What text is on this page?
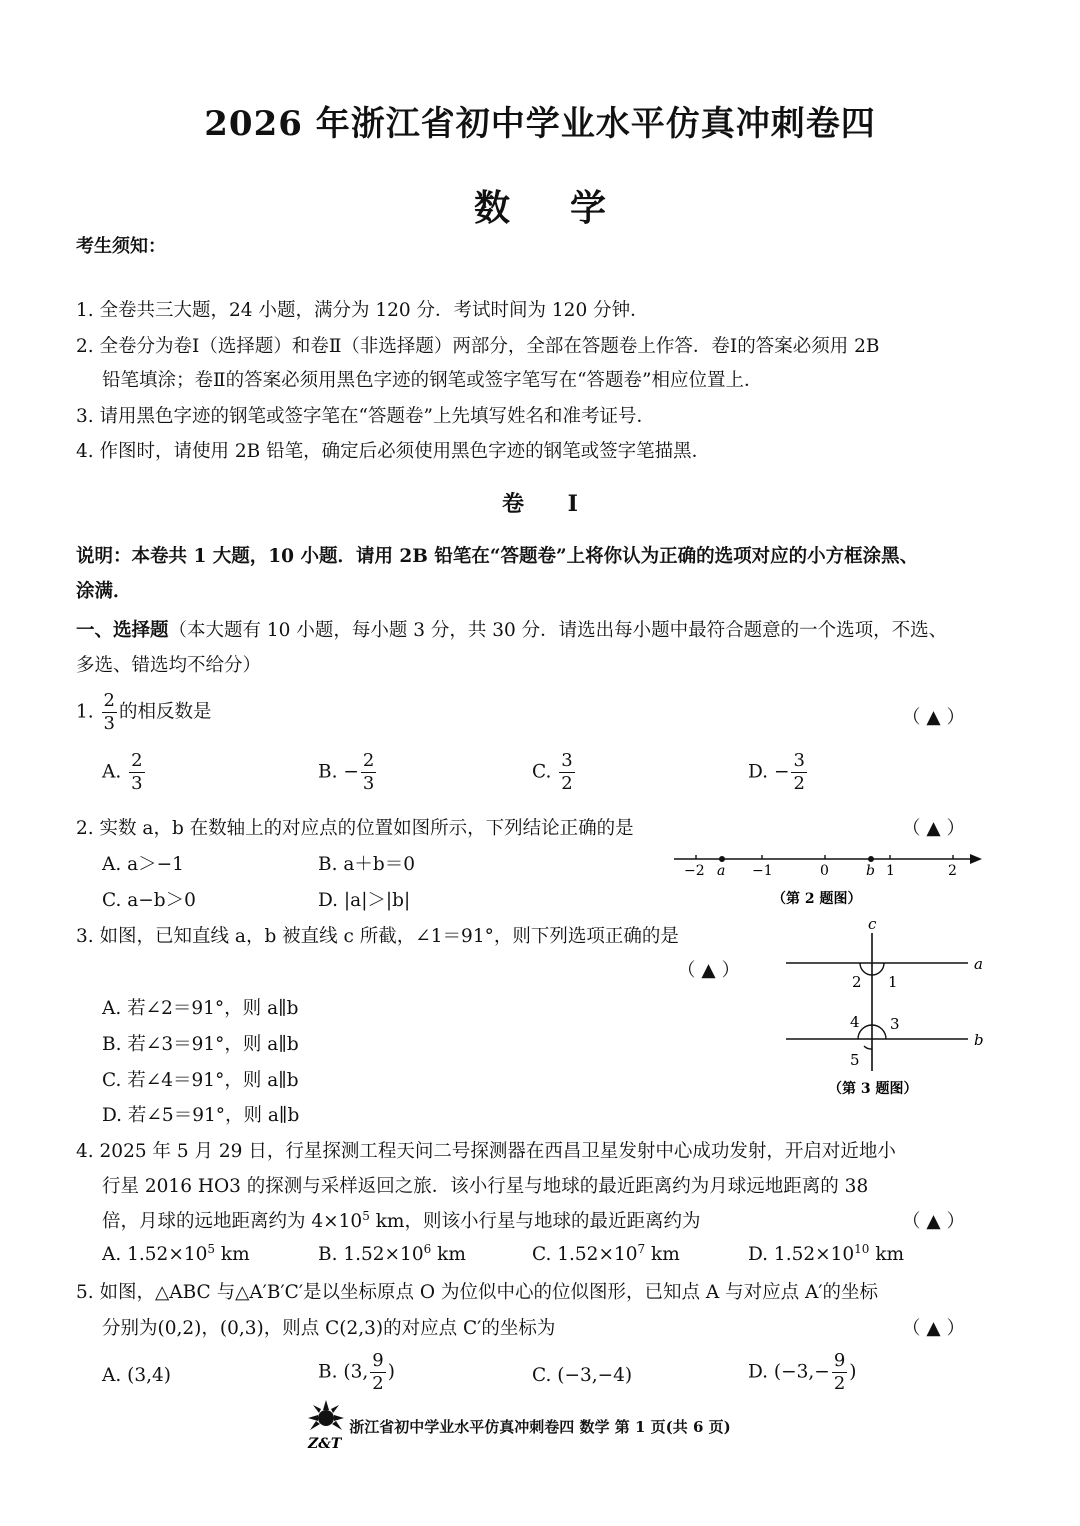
2026 年浙江省初中学业水平仿真冲刺卷四
数学
考生须知：
1. 全卷共三大题，24 小题，满分为 120 分．考试时间为 120 分钟．
2. 全卷分为卷Ⅰ（选择题）和卷Ⅱ（非选择题）两部分，全部在答题卷上作答．卷Ⅰ的答案必须用 2B
铅笔填涂；卷Ⅱ的答案必须用黑色字迹的钢笔或签字笔写在“答题卷”相应位置上．
3. 请用黑色字迹的钢笔或签字笔在“答题卷”上先填写姓名和准考证号．
4. 作图时，请使用 2B 铅笔，确定后必须使用黑色字迹的钢笔或签字笔描黑．
卷 Ⅰ
说明：本卷共 1 大题，10 小题．请用 2B 铅笔在“答题卷”上将你认为正确的选项对应的小方框涂黑、
涂满．
一、选择题（本大题有 10 小题，每小题 3 分，共 30 分．请选出每小题中最符合题意的一个选项，不选、
多选、错选均不给分）
1. $\frac{2}{3}$ 的相反数是	（ ▲ ）
A. $\frac{2}{3}$	B. − $\frac{2}{3}$	C. $\frac{3}{2}$	D. − $\frac{3}{2}$
2. 实数 a，b 在数轴上的对应点的位置如图所示，下列结论正确的是	（ ▲ ）
A. a＞−1	B. a＋b＝0
C. a−b＞0	D. |a|＞|b|
−2 a −1	0	b 1	2
（第 2 题图）
3. 如图，已知直线 a，b 被直线 c 所截，∠1＝91°，则下列选项正确的是
（ ▲ ）
A. 若∠2＝91°，则 a∥b
B. 若∠3＝91°，则 a∥b
C. 若∠4＝91°，则 a∥b
D. 若∠5＝91°，则 a∥b
c
a
b
2 1
4 3
5
（第 3 题图）
4. 2025 年 5 月 29 日，行星探测工程天问二号探测器在西昌卫星发射中心成功发射，开启对近地小
行星 2016 HO3 的探测与采样返回之旅．该小行星与地球的最近距离约为月球远地距离的 38
倍，月球的远地距离约为 $4\times 10^5$ km，则该小行星与地球的最近距离约为	（ ▲ ）
A. $1.52\times 10^5$ km	B. $1.52\times 10^6$ km	C. $1.52\times 10^7$ km	D. $1.52\times 10^{10}$ km
5. 如图，△ABC 与△A′B′C′是以坐标原点 O 为位似中心的位似图形，已知点 A 与对应点 A′的坐标
分别为(0,2)，(0,3)，则点 C(2,3)的对应点 C′的坐标为	（ ▲ ）
A. (3,4)	B. (3, $\frac{9}{2}$ )	C. (−3,−4)	D. ($-3,- \frac{9}{2}$ )
Z&T
浙江省初中学业水平仿真冲刺卷四 数学 第 1 页(共 6 页)
